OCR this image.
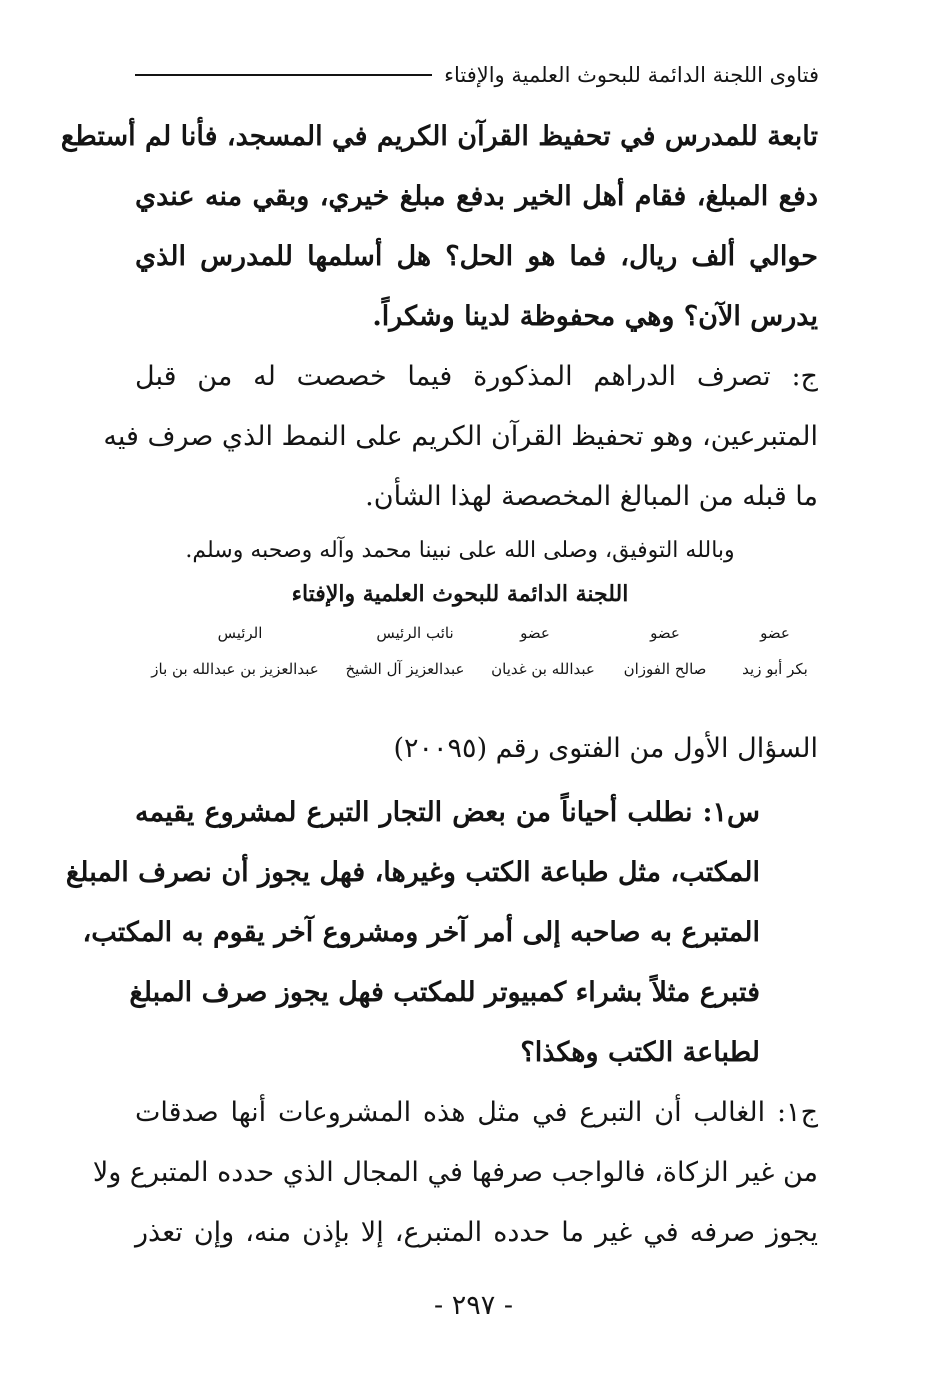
فتاوى اللجنة الدائمة للبحوث العلمية والإفتاء
تابعة للمدرس في تحفيظ القرآن الكريم في المسجد، فأنا لم أستطع
دفع المبلغ، فقام أهل الخير بدفع مبلغ خيري، وبقي منه عندي
حوالي ألف ريال، فما هو الحل؟ هل أسلمها للمدرس الذي
يدرس الآن؟ وهي محفوظة لدينا وشكراً.
ج: تصرف الدراهم المذكورة فيما خصصت له من قبل
المتبرعين، وهو تحفيظ القرآن الكريم على النمط الذي صرف فيه
ما قبله من المبالغ المخصصة لهذا الشأن.
وبالله التوفيق، وصلى الله على نبينا محمد وآله وصحبه وسلم.
اللجنة الدائمة للبحوث العلمية والإفتاء
عضو
عضو
عضو
نائب الرئيس
الرئيس
بكر أبو زيد
صالح الفوزان
عبدالله بن غديان
عبدالعزيز آل الشيخ
عبدالعزيز بن عبدالله بن باز
السؤال الأول من الفتوى رقم (٢٠٠٩٥)
س١: نطلب أحياناً من بعض التجار التبرع لمشروع يقيمه
المكتب، مثل طباعة الكتب وغيرها، فهل يجوز أن نصرف المبلغ
المتبرع به صاحبه إلى أمر آخر ومشروع آخر يقوم به المكتب،
فتبرع مثلاً بشراء كمبيوتر للمكتب فهل يجوز صرف المبلغ
لطباعة الكتب وهكذا؟
ج١: الغالب أن التبرع في مثل هذه المشروعات أنها صدقات
من غير الزكاة، فالواجب صرفها في المجال الذي حدده المتبرع ولا
يجوز صرفه في غير ما حدده المتبرع، إلا بإذن منه، وإن تعذر
- ٢٩٧ -
